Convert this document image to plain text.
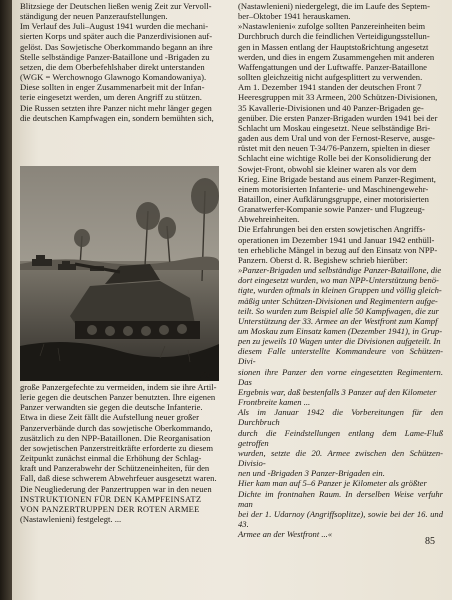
Blitzsiege der Deutschen ließen wenig Zeit zur Vervoll-

ständigung der neuen Panzeraufstellungen.

Im Verlauf des Juli–August 1941 wurden die mechani-

sierten Korps und später auch die Panzerdivisionen auf-

gelöst. Das Sowjetische Oberkommando begann an ihre

Stelle selbständige Panzer-Bataillone und -Brigaden zu

setzen, die dem Oberbefehlshaber direkt unterstanden

(WGK = Werchownogo Glawnogo Komandowaniya).

Diese sollten in enger Zusammenarbeit mit der Infan-

terie eingesetzt werden, um deren Angriff zu stützen.

Die Russen setzten ihre Panzer nicht mehr länger gegen

die deutschen Kampfwagen ein, sondern bemühten sich,

50

große Panzergefechte zu vermeiden, indem sie ihre Artil-

lerie gegen die deutschen Panzer benutzten. Ihre eigenen

Panzer verwandten sie gegen die deutsche Infanterie.

Etwa in diese Zeit fällt die Aufstellung neuer großer

Panzerverbände durch das sowjetische Oberkommando,

zusätzlich zu den NPP-Bataillonen. Die Reorganisation

der sowjetischen Panzerstreitkräfte erforderte zu diesem

Zeitpunkt zunächst einmal die Erhöhung der Schlag-

kraft und Panzerabwehr der Schützeneinheiten, für den

Fall, daß diese schwerem Abwehrfeuer ausgesetzt waren.

Die Neugliederung der Panzertruppen war in den neuen

INSTRUKTIONEN FÜR DEN KAMPFEINSATZ

VON PANZERTRUPPEN DER ROTEN ARMEE

(Nastawlenieni) festgelegt. ...

(Nastawlenieni) niedergelegt, die im Laufe des Septem-

ber–Oktober 1941 herauskamen.

»Nastawlenieni« zufolge sollten Panzereinheiten beim

Durchbruch durch die feindlichen Verteidigungsstellun-

gen in Massen entlang der Hauptstoßrichtung angesetzt

werden, und dies in engem Zusammengehen mit anderen

Waffengattungen und der Luftwaffe. Panzer-Bataillone

sollten gleichzeitig nicht aufgesplittert zu verwenden.

Am 1. Dezember 1941 standen der deutschen Front 7

Heeresgruppen mit 33 Armeen, 200 Schützen-Divisionen,

35 Kavallerie-Divisionen und 40 Panzer-Brigaden ge-

genüber. Die ersten Panzer-Brigaden wurden 1941 bei der

Schlacht um Moskau eingesetzt. Neue selbständige Bri-

gaden aus dem Ural und von der Fernost-Reserve, ausge-

rüstet mit den neuen T-34/76-Panzern, spielten in dieser

Schlacht eine wichtige Rolle bei der Konsolidierung der

Sowjet-Front, obwohl sie kleiner waren als vor dem

Krieg. Eine Brigade bestand aus einem Panzer-Regiment,

einem motorisierten Infanterie- und Maschinengewehr-

Bataillon, einer Aufklärungsgruppe, einer motorisierten

Granatwerfer-Kompanie sowie Panzer- und Flugzeug-

Abwehreinheiten.

Die Erfahrungen bei den ersten sowjetischen Angriffs-

operationen im Dezember 1941 und Januar 1942 enthüll-

ten erhebliche Mängel in bezug auf den Einsatz von NPP-

Panzern. Oberst d. R. Begishew schrieb hierüber:

»Panzer-Brigaden und selbständige Panzer-Bataillone, die

dort eingesetzt wurden, wo man NPP-Unterstützung benö-

tigte, wurden oftmals in kleinen Gruppen und völlig gleich-

mäßig unter Schützen-Divisionen und Regimentern aufge-

teilt. So wurden zum Beispiel alle 50 Kampfwagen, die zur

Unterstützung der 33. Armee an der Westfront zum Kampf

um Moskau zum Einsatz kamen (Dezember 1941), in Grup-

pen zu jeweils 10 Wagen unter die Divisionen aufgeteilt. In

diesem Falle unterstellte Kommandeure von Schützen-Divi-

sionen ihre Panzer den vorne eingesetzten Regimentern. Das

Ergebnis war, daß bestenfalls 3 Panzer auf den Kilometer

Frontbreite kamen ...

Als im Januar 1942 die Vorbereitungen für den Durchbruch

durch die Feindstellungen entlang dem Lame-Fluß getroffen

wurden, setzte die 20. Armee zwischen den Schützen-Divisio-

nen und -Brigaden 3 Panzer-Brigaden ein.

Hier kam man auf 5–6 Panzer je Kilometer als größter

Dichte im frontnahen Raum. In derselben Weise verfuhr man

bei der 1. Udarnoy (Angriffsoplitze), sowie bei der 16. und 43.

Armee an der Westfront ...«

85
